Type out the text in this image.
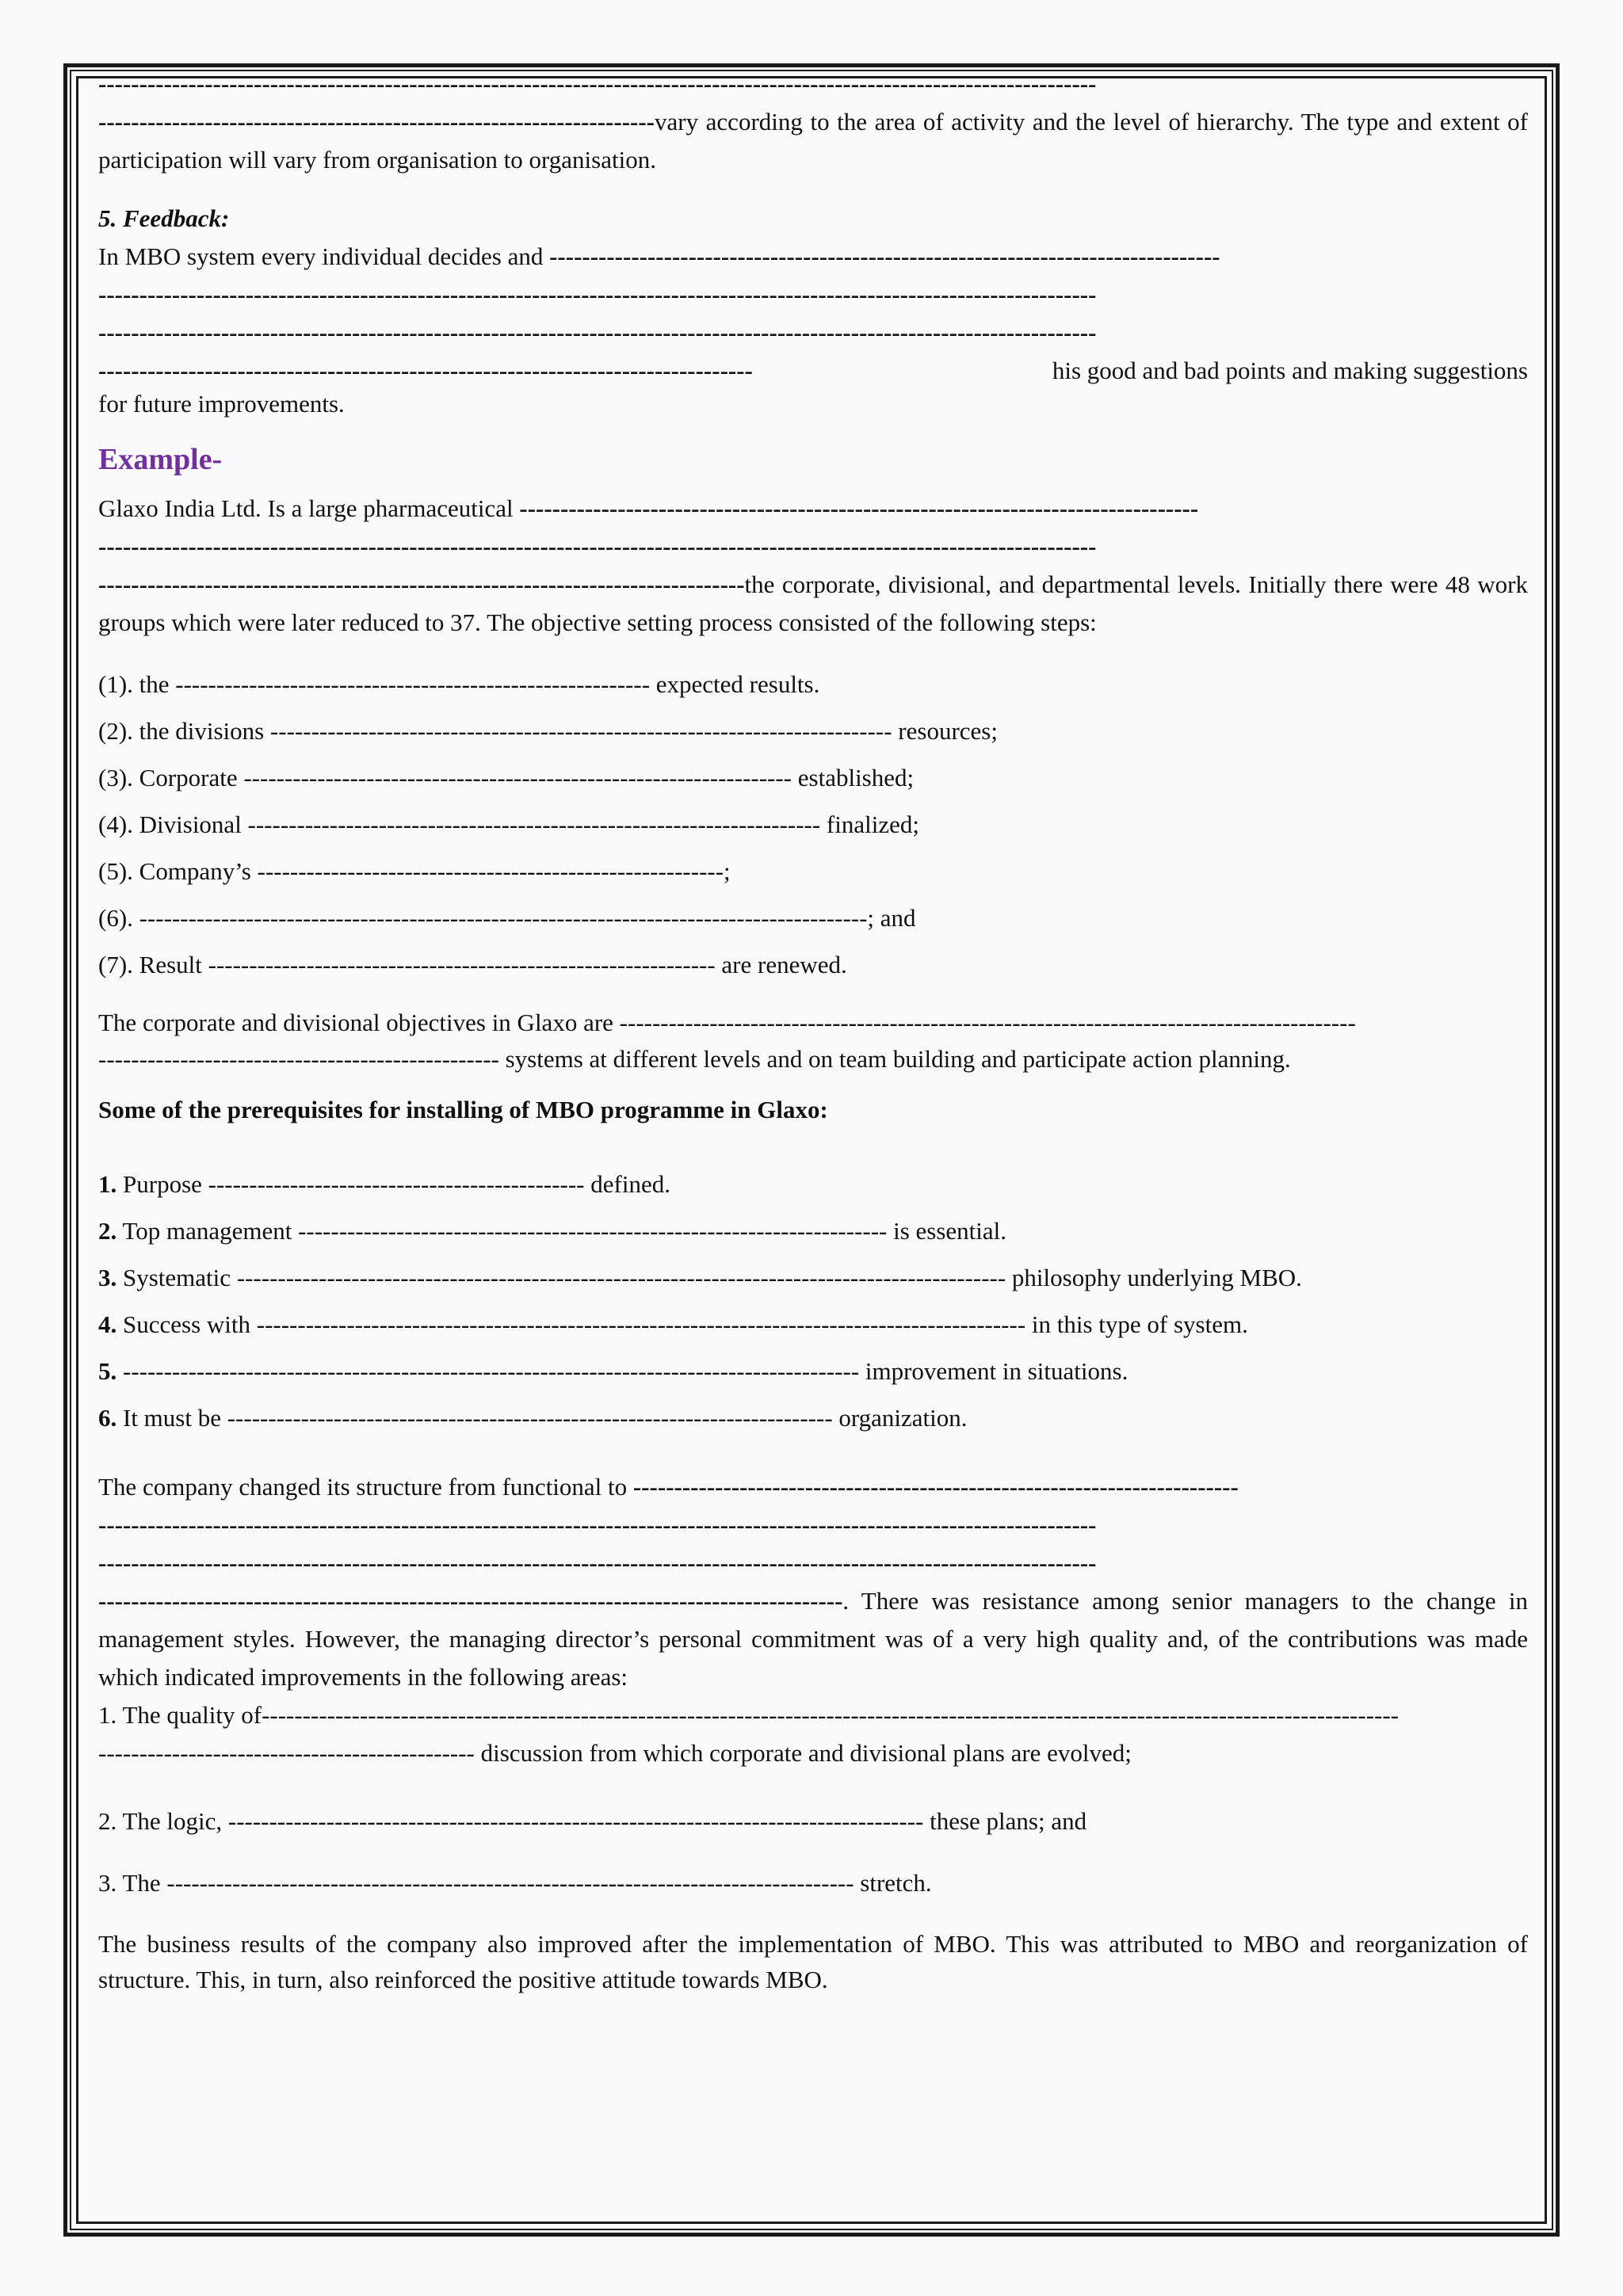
--------------------------------------------------------------------------------------------------------------------------

--------------------------------------------------------------------vary according to the area of activity and the level of hierarchy. The type and extent of participation will vary from organisation to organisation.

5. Feedback:
In MBO system every individual decides and
----------------------------------------------------------------------------------
--------------------------------------------------------------------------------------------------------------------------
--------------------------------------------------------------------------------------------------------------------------
--------------------------------------------------------------------------------	his good and bad points and making suggestions
for future improvements.
Example-
Glaxo India Ltd. Is a large pharmaceutical
-----------------------------------------------------------------------------------
--------------------------------------------------------------------------------------------------------------------------

-------------------------------------------------------------------------------the corporate, divisional, and departmental levels. Initially there were 48 work groups which were later reduced to 37. The objective setting process consisted of the following steps:

(1). the ---------------------------------------------------------- expected results.
(2). the divisions ---------------------------------------------------------------------------- resources;
(3). Corporate ------------------------------------------------------------------- established;
(4). Divisional ---------------------------------------------------------------------- finalized;
(5). Company’s ---------------------------------------------------------;
(6). -----------------------------------------------------------------------------------------; and
(7). Result -------------------------------------------------------------- are renewed.
The corporate and divisional objectives in Glaxo are
------------------------------------------------------------------------------------------
------------------------------------------------- systems at different levels and on team building and participate action planning.
Some of the prerequisites for installing of MBO programme in Glaxo:
1. Purpose ---------------------------------------------- defined.
2. Top management ------------------------------------------------------------------------ is essential.
3. Systematic ---------------------------------------------------------------------------------------------- philosophy underlying MBO.
4. Success with ---------------------------------------------------------------------------------------------- in this type of system.
5. ------------------------------------------------------------------------------------------ improvement in situations.
6. It must be -------------------------------------------------------------------------- organization.
The company changed its structure from functional to
--------------------------------------------------------------------------
--------------------------------------------------------------------------------------------------------------------------
--------------------------------------------------------------------------------------------------------------------------

-------------------------------------------------------------------------------------------. There was resistance among senior managers to the change in management styles. However, the managing director’s personal commitment was of a very high quality and, of the contributions was made which indicated improvements in the following areas:

1. The quality of -------------------------------------------------------------------------------------------------------------------------------------------
---------------------------------------------- discussion from which corporate and divisional plans are evolved;
2. The logic, ------------------------------------------------------------------------------------- these plans; and
3. The ------------------------------------------------------------------------------------ stretch.

The business results of the company also improved after the implementation of MBO. This was attributed to MBO and reorganization of structure. This, in turn, also reinforced the positive attitude towards MBO.
